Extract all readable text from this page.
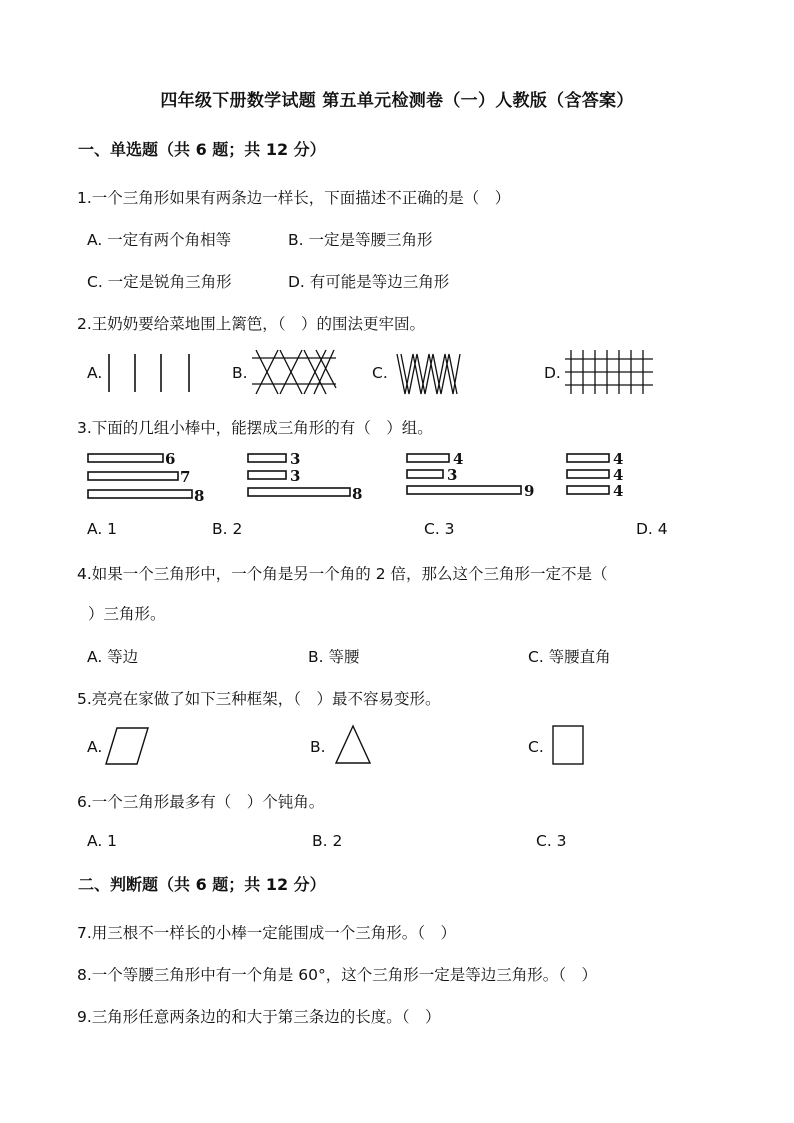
四年级下册数学试题 第五单元检测卷（一）人教版（含答案）
一、单选题（共 6 题；共 12 分）
1.一个三角形如果有两条边一样长，下面描述不正确的是（　）
A. 一定有两个角相等	B. 一定是等腰三角形
C. 一定是锐角三角形	D. 有可能是等边三角形
2.王奶奶要给菜地围上篱笆，（　）的围法更牢固。
A.	B.	C.	D.
3.下面的几组小棒中，能摆成三角形的有（　）组。
6
7
8
3
3
8
4
3
9
4
4
4
A. 1	B. 2	C. 3	D. 4
4.如果一个三角形中，一个角是另一个角的 2 倍，那么这个三角形一定不是（
）三角形。
A. 等边	B. 等腰	C. 等腰直角
5.亮亮在家做了如下三种框架，（　）最不容易变形。
A.	B.	C.
6.一个三角形最多有（　）个钝角。
A. 1	B. 2	C. 3
二、判断题（共 6 题；共 12 分）
7.用三根不一样长的小棒一定能围成一个三角形。（　）
8.一个等腰三角形中有一个角是 60°，这个三角形一定是等边三角形。（　）
9.三角形任意两条边的和大于第三条边的长度。（　）
